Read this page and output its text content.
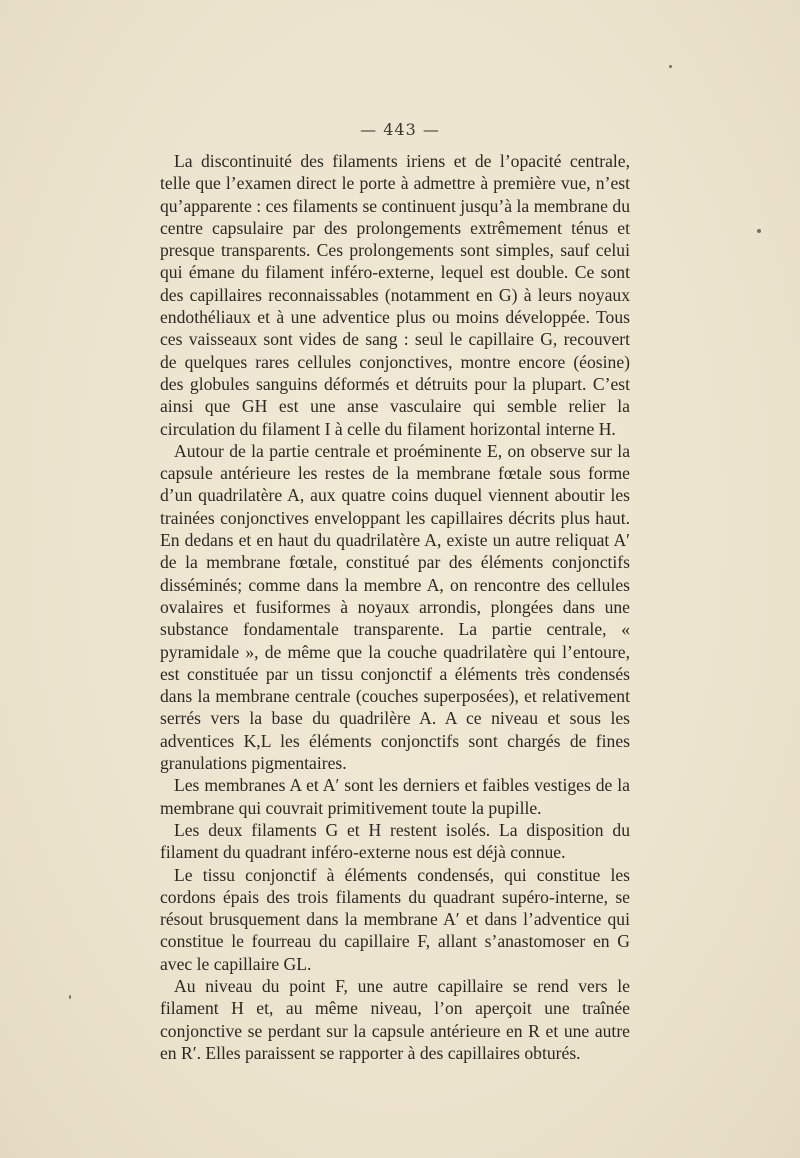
— 443 —

La discontinuité des filaments iriens et de l’opacité centrale, telle que l’examen direct le porte à admettre à première vue, n’est qu’apparente : ces filaments se continuent jusqu’à la membrane du centre capsulaire par des prolongements extrêmement ténus et presque transparents. Ces prolongements sont simples, sauf celui qui émane du filament inféro-externe, lequel est double. Ce sont des capillaires reconnaissables (notamment en G) à leurs noyaux endothéliaux et à une adventice plus ou moins développée. Tous ces vaisseaux sont vides de sang : seul le capillaire G, recouvert de quelques rares cellules conjonctives, montre encore (éosine) des globules sanguins déformés et détruits pour la plupart. C’est ainsi que GH est une anse vasculaire qui semble relier la circulation du filament I à celle du filament horizontal interne H.

Autour de la partie centrale et proéminente E, on observe sur la capsule antérieure les restes de la membrane fœtale sous forme d’un quadrilatère A, aux quatre coins duquel viennent aboutir les trainées conjonctives enveloppant les capillaires décrits plus haut. En dedans et en haut du quadrilatère A, existe un autre reliquat A′ de la membrane fœtale, constitué par des éléments conjonctifs disséminés; comme dans la membre A, on rencontre des cellules ovalaires et fusiformes à noyaux arrondis, plongées dans une substance fondamentale transparente. La partie centrale, « pyramidale », de même que la couche quadrilatère qui l’entoure, est constituée par un tissu conjonctif a éléments très condensés dans la membrane centrale (couches superposées), et relativement serrés vers la base du quadrilère A. A ce niveau et sous les adventices K,L les éléments conjonctifs sont chargés de fines granulations pigmentaires.

Les membranes A et A′ sont les derniers et faibles vestiges de la membrane qui couvrait primitivement toute la pupille.

Les deux filaments G et H restent isolés. La disposition du filament du quadrant inféro-externe nous est déjà connue.

Le tissu conjonctif à éléments condensés, qui constitue les cordons épais des trois filaments du quadrant supéro-interne, se résout brusquement dans la membrane A′ et dans l’adventice qui constitue le fourreau du capillaire F, allant s’anastomoser en G avec le capillaire GL.

Au niveau du point F, une autre capillaire se rend vers le filament H et, au même niveau, l’on aperçoit une traînée conjonctive se perdant sur la capsule antérieure en R et une autre en R′. Elles paraissent se rapporter à des capillaires obturés.
